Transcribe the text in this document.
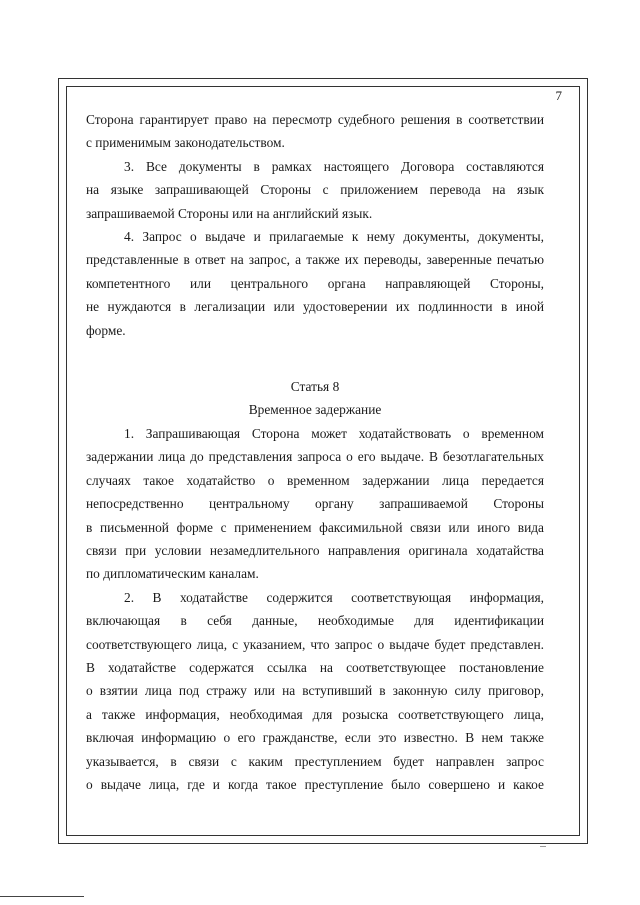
7

Сторона гарантирует право на пересмотр судебного решения в соответствии
с применимым законодательством.

3. Все документы в рамках настоящего Договора составляются
на языке запрашивающей Стороны с приложением перевода на язык
запрашиваемой Стороны или на английский язык.

4. Запрос о выдаче и прилагаемые к нему документы, документы,
представленные в ответ на запрос, а также их переводы, заверенные печатью
компетентного или центрального органа направляющей Стороны,
не нуждаются в легализации или удостоверении их подлинности в иной
форме.

Статья 8
Временное задержание

1. Запрашивающая Сторона может ходатайствовать о временном
задержании лица до представления запроса о его выдаче. В безотлагательных
случаях такое ходатайство о временном задержании лица передается
непосредственно центральному органу запрашиваемой Стороны
в письменной форме с применением факсимильной связи или иного вида
связи при условии незамедлительного направления оригинала ходатайства
по дипломатическим каналам.

2. В ходатайстве содержится соответствующая информация,
включающая в себя данные, необходимые для идентификации
соответствующего лица, с указанием, что запрос о выдаче будет представлен.
В ходатайстве содержатся ссылка на соответствующее постановление
о взятии лица под стражу или на вступивший в законную силу приговор,
а также информация, необходимая для розыска соответствующего лица,
включая информацию о его гражданстве, если это известно. В нем также
указывается, в связи с каким преступлением будет направлен запрос
о выдаче лица, где и когда такое преступление было совершено и какое
